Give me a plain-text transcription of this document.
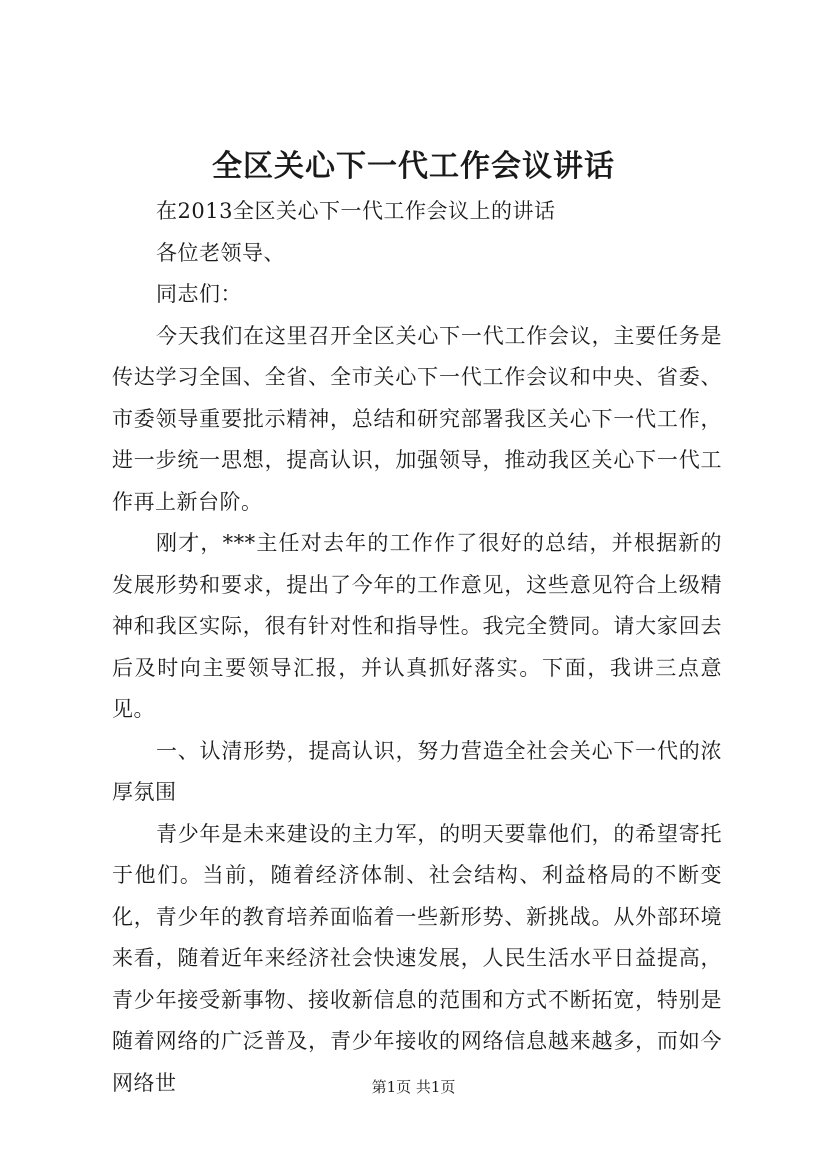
全区关心下一代工作会议讲话

在2013全区关心下一代工作会议上的讲话

各位老领导、

同志们：

今天我们在这里召开全区关心下一代工作会议，主要任务是传达学习全国、全省、全市关心下一代工作会议和中央、省委、市委领导重要批示精神，总结和研究部署我区关心下一代工作，进一步统一思想，提高认识，加强领导，推动我区关心下一代工作再上新台阶。

刚才，***主任对去年的工作作了很好的总结，并根据新的发展形势和要求，提出了今年的工作意见，这些意见符合上级精神和我区实际，很有针对性和指导性。我完全赞同。请大家回去后及时向主要领导汇报，并认真抓好落实。下面，我讲三点意见。

一、认清形势，提高认识，努力营造全社会关心下一代的浓厚氛围

青少年是未来建设的主力军，的明天要靠他们，的希望寄托于他们。当前，随着经济体制、社会结构、利益格局的不断变化，青少年的教育培养面临着一些新形势、新挑战。从外部环境来看，随着近年来经济社会快速发展，人民生活水平日益提高，青少年接受新事物、接收新信息的范围和方式不断拓宽，特别是随着网络的广泛普及，青少年接收的网络信息越来越多，而如今网络世	第1页 共1页
